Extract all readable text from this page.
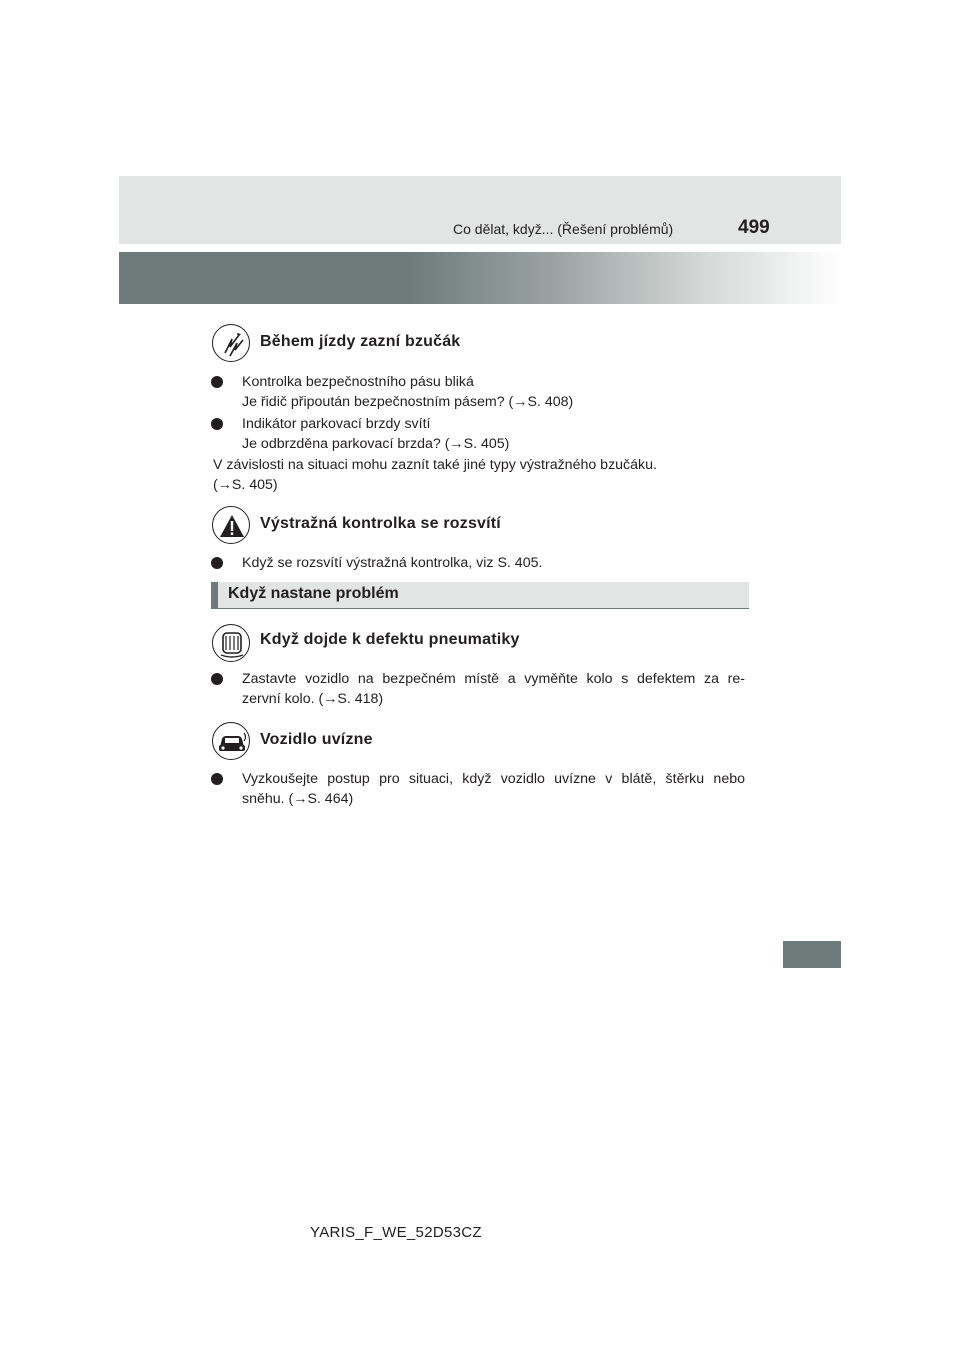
Co dělat, když... (Řešení problémů)	499
Během jízdy zazní bzučák
Kontrolka bezpečnostního pásu bliká
Je řidič připoután bezpečnostním pásem? (→S. 408)
Indikátor parkovací brzdy svítí
Je odbrzděna parkovací brzda? (→S. 405)
V závislosti na situaci mohu zaznít také jiné typy výstražného bzučáku.
(→S. 405)
Výstražná kontrolka se rozsvítí
Když se rozsvítí výstražná kontrolka, viz S. 405.
Když nastane problém
Když dojde k defektu pneumatiky
Zastavte vozidlo na bezpečném místě a vyměňte kolo s defektem za re-
zervní kolo. (→S. 418)
Vozidlo uvízne
Vyzkoušejte postup pro situaci, když vozidlo uvízne v blátě, štěrku nebo
sněhu. (→S. 464)
YARIS_F_WE_52D53CZ
